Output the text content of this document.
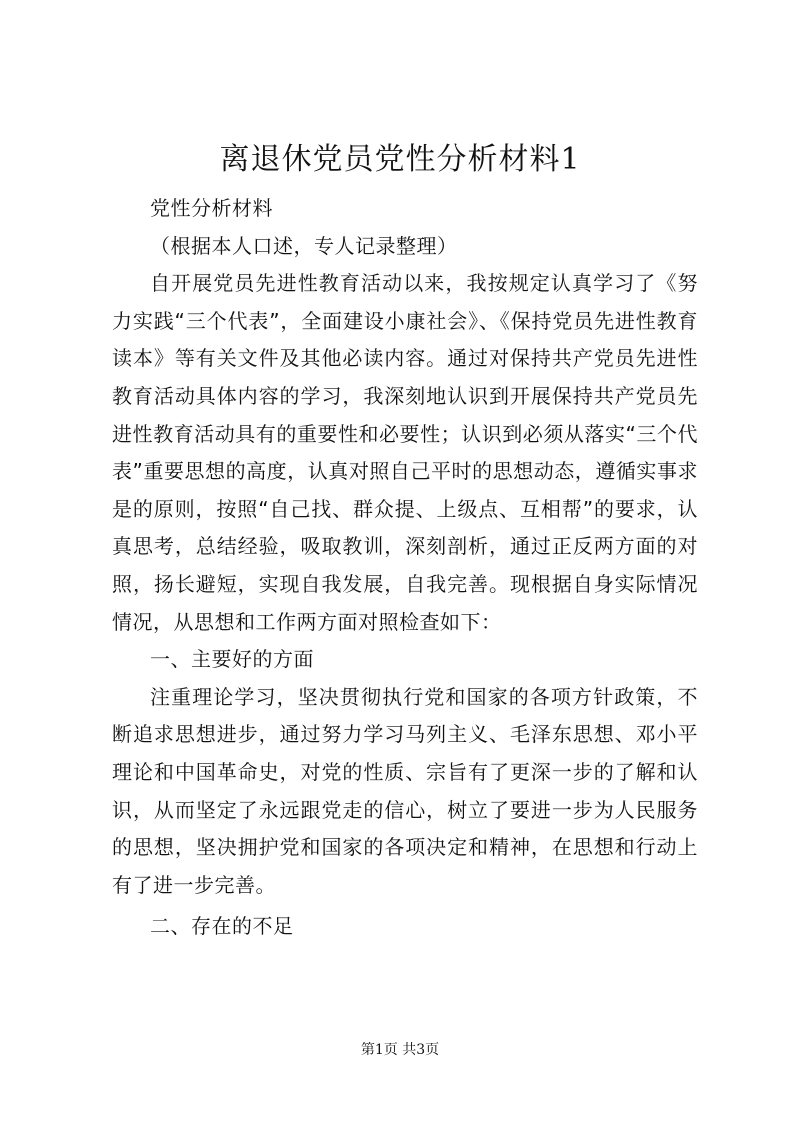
离退休党员党性分析材料1

党性分析材料

（根据本人口述，专人记录整理）

自开展党员先进性教育活动以来，我按规定认真学习了《努力实践“三个代表”，全面建设小康社会》、《保持党员先进性教育读本》等有关文件及其他必读内容。通过对保持共产党员先进性教育活动具体内容的学习，我深刻地认识到开展保持共产党员先进性教育活动具有的重要性和必要性；认识到必须从落实“三个代表”重要思想的高度，认真对照自己平时的思想动态，遵循实事求是的原则，按照“自己找、群众提、上级点、互相帮”的要求，认真思考，总结经验，吸取教训，深刻剖析，通过正反两方面的对照，扬长避短，实现自我发展，自我完善。现根据自身实际情况情况，从思想和工作两方面对照检查如下：

一、主要好的方面

注重理论学习，坚决贯彻执行党和国家的各项方针政策，不断追求思想进步，通过努力学习马列主义、毛泽东思想、邓小平理论和中国革命史，对党的性质、宗旨有了更深一步的了解和认识，从而坚定了永远跟党走的信心，树立了要进一步为人民服务的思想，坚决拥护党和国家的各项决定和精神，在思想和行动上有了进一步完善。

二、存在的不足

第1页 共3页
